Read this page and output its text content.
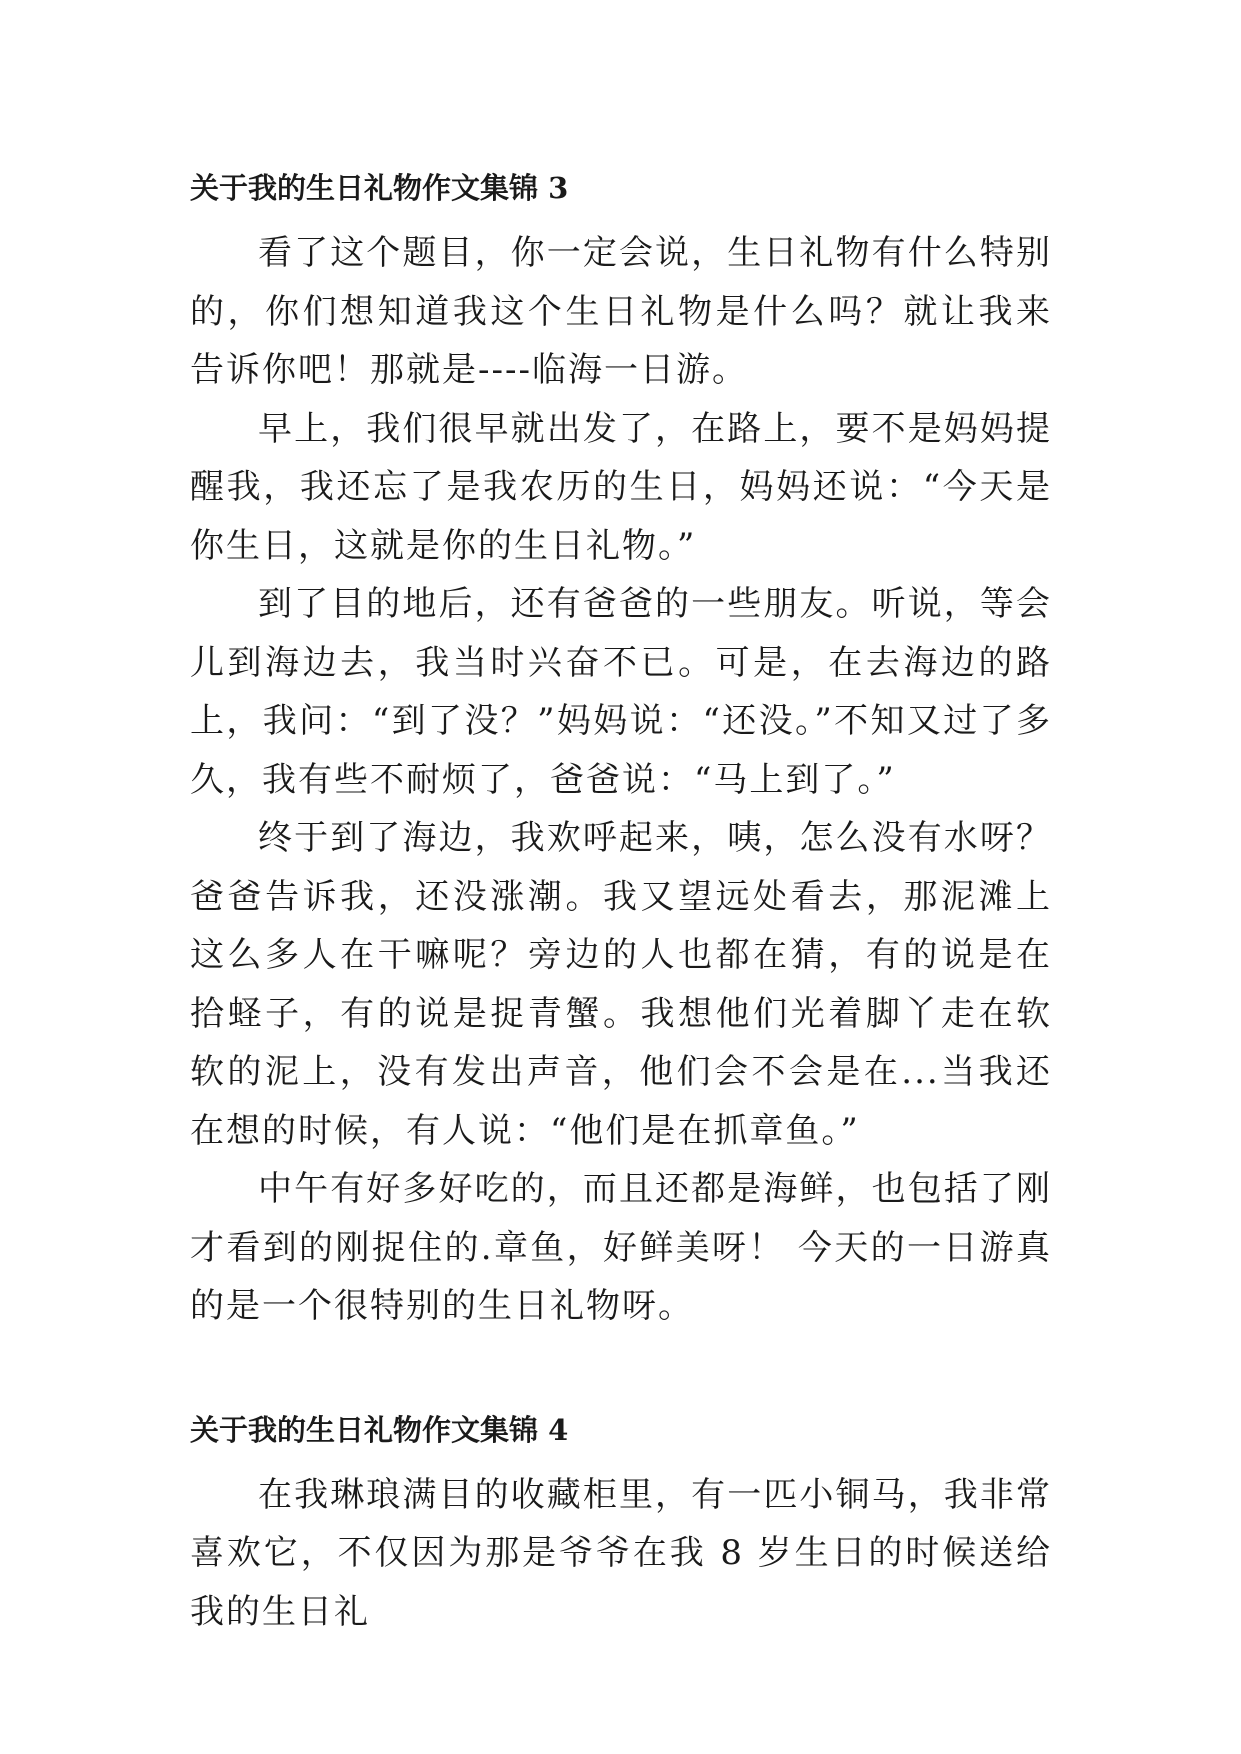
关于我的生日礼物作文集锦 3

看了这个题目，你一定会说，生日礼物有什么特别的，你们想知道我这个生日礼物是什么吗？就让我来告诉你吧！那就是----临海一日游。

早上，我们很早就出发了，在路上，要不是妈妈提醒我，我还忘了是我农历的生日，妈妈还说：“今天是你生日，这就是你的生日礼物。”

到了目的地后，还有爸爸的一些朋友。听说，等会儿到海边去，我当时兴奋不已。可是，在去海边的路上，我问：“到了没？”妈妈说：“还没。”不知又过了多久，我有些不耐烦了，爸爸说：“马上到了。”

终于到了海边，我欢呼起来，咦，怎么没有水呀？爸爸告诉我，还没涨潮。我又望远处看去，那泥滩上这么多人在干嘛呢？旁边的人也都在猜，有的说是在拾蛏子，有的说是捉青蟹。我想他们光着脚丫走在软软的泥上，没有发出声音，他们会不会是在...当我还在想的时候，有人说：“他们是在抓章鱼。”

中午有好多好吃的，而且还都是海鲜，也包括了刚才看到的刚捉住的.章鱼，好鲜美呀！ 今天的一日游真的是一个很特别的生日礼物呀。

关于我的生日礼物作文集锦 4

在我琳琅满目的收藏柜里，有一匹小铜马，我非常喜欢它，不仅因为那是爷爷在我 8 岁生日的时候送给我的生日礼
